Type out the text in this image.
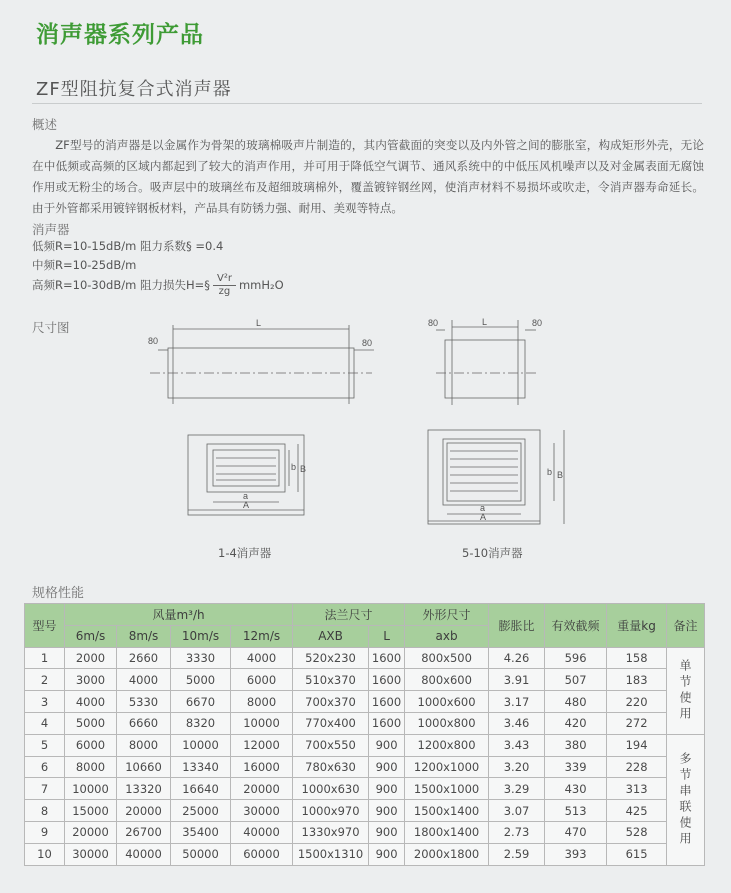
消声器系列产品
ZF型阻抗复合式消声器
概述

ZF型号的消声器是以金属作为骨架的玻璃棉吸声片制造的，其内管截面的突变以及内外管之间的膨胀室，构成矩形外壳，无论在中低频或高频的区域内都起到了较大的消声作用，并可用于降低空气调节、通风系统中的中低压风机噪声以及对金属表面无腐蚀作用或无粉尘的场合。吸声层中的玻璃丝布及超细玻璃棉外，覆盖镀锌钢丝网，使消声材料不易损坏或吹走，令消声器寿命延长。由于外管都采用镀锌钢板材料，产品具有防锈力强、耐用、美观等特点。

消声器
低频R=10-15dB/m 阻力系数§ =0.4
中频R=10-25dB/m
高频R=10-30dB/m 阻力损失H=§ $\frac{\text{V²r}}{zg} mmH_2O$
尺寸图
80
L
80
a
A
b B
80	L	80
a
A
b B
1-4消声器	5-10消声器
规格性能
型号	风量m³/h				法兰尺寸		外形尺寸	膨胀比	有效截频	重量kg	备注
	6m/s	8m/s	10m/s	12m/s	AXB	L	axb				
1	2000	2660	3330	4000	520x230	1600	800x500	4.26	596	158	单节使用
2	3000	4000	5000	6000	510x370	1600	800x600	3.91	507	183	
3	4000	5330	6670	8000	700x370	1600	1000x600	3.17	480	220	
4	5000	6660	8320	10000	770x400	1600	1000x800	3.46	420	272	
5	6000	8000	10000	12000	700x550	900	1200x800	3.43	380	194	多节串联使用
6	8000	10660	13340	16000	780x630	900	1200x1000	3.20	339	228	
7	10000	13320	16640	20000	1000x630	900	1500x1000	3.29	430	313	
8	15000	20000	25000	30000	1000x970	900	1500x1400	3.07	513	425	
9	20000	26700	35400	40000	1330x970	900	1800x1400	2.73	470	528	
10	30000	40000	50000	60000	1500x1310	900	2000x1800	2.59	393	615	
